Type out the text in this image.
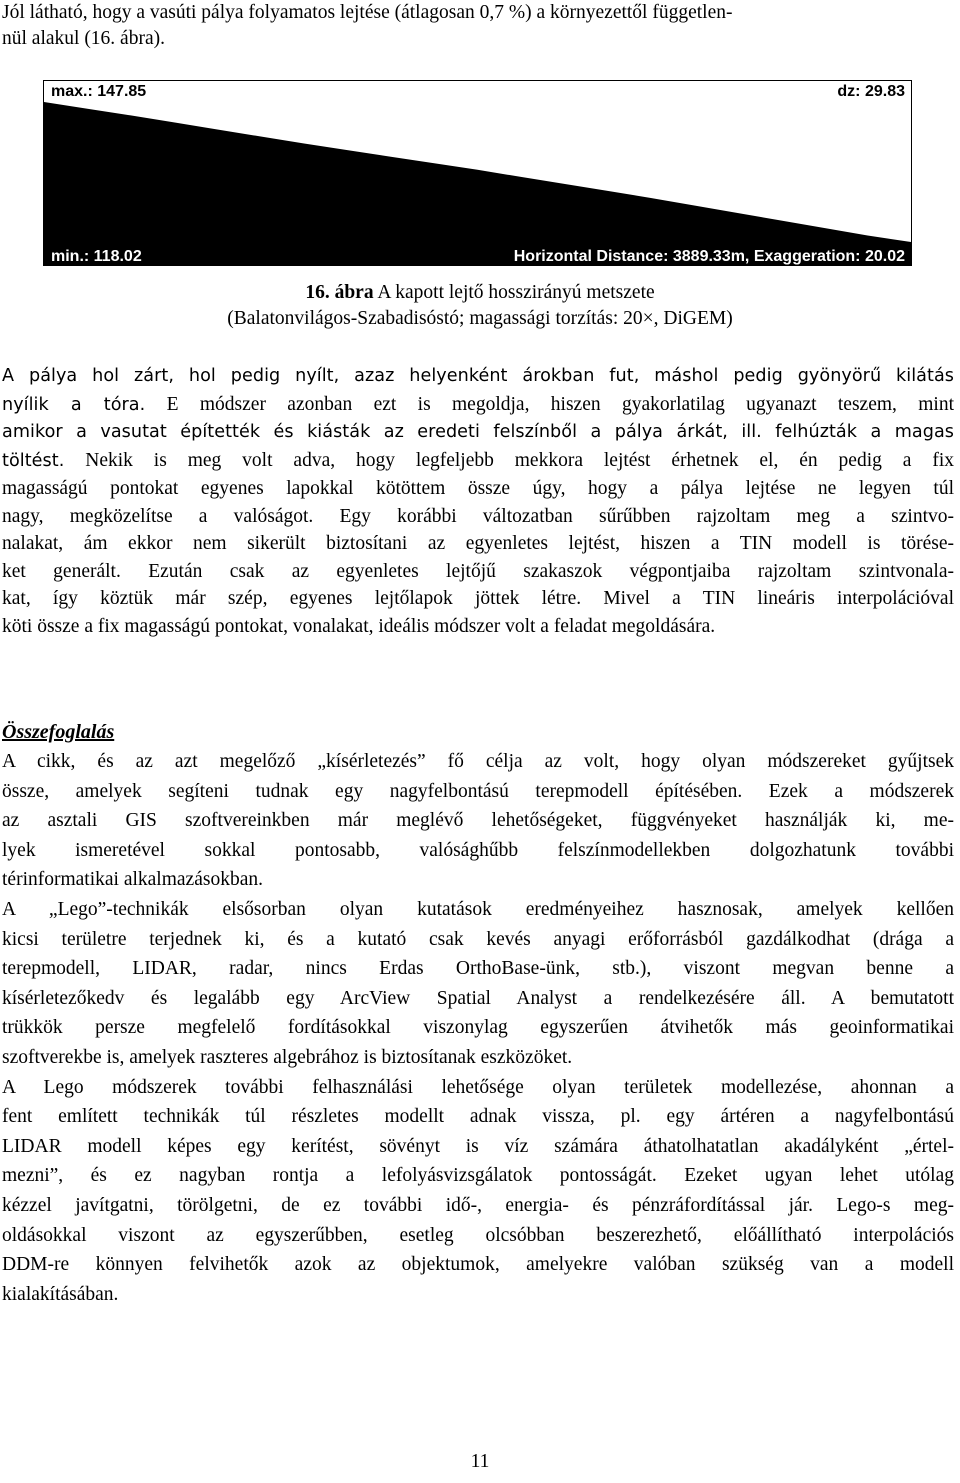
Jól látható, hogy a vasúti pálya folyamatos lejtése (átlagosan 0,7 %) a környezettől független-
nül alakul (16. ábra).

max.: 147.85	dz: 29.83
min.: 118.02	Horizontal Distance: 3889.33m, Exaggeration: 20.02
16. ábra A kapott lejtő hosszirányú metszete
(Balatonvilágos-Szabadisóstó; magassági torzítás: 20×, DiGEM)

A pálya hol zárt, hol pedig nyílt, azaz helyenként árokban fut, máshol pedig gyönyörű kilátás
nyílik a tóra. E módszer azonban ezt is megoldja, hiszen gyakorlatilag ugyanazt teszem, mint
amikor a vasutat építették és kiásták az eredeti felszínből a pálya árkát, ill. felhúzták a magas
töltést. Nekik is meg volt adva, hogy legfeljebb mekkora lejtést érhetnek el, én pedig a fix
magasságú pontokat egyenes lapokkal kötöttem össze úgy, hogy a pálya lejtése ne legyen túl
nagy, megközelítse a valóságot. Egy korábbi változatban sűrűbben rajzoltam meg a szintvo-
nalakat, ám ekkor nem sikerült biztosítani az egyenletes lejtést, hiszen a TIN modell is törése-
ket generált. Ezután csak az egyenletes lejtőjű szakaszok végpontjaiba rajzoltam szintvonala-
kat, így köztük már szép, egyenes lejtőlapok jöttek létre. Mivel a TIN lineáris interpolációval
köti össze a fix magasságú pontokat, vonalakat, ideális módszer volt a feladat megoldására.

Összefoglalás

A cikk, és az azt megelőző „kísérletezés” fő célja az volt, hogy olyan módszereket gyűjtsek
össze, amelyek segíteni tudnak egy nagyfelbontású terepmodell építésében. Ezek a módszerek
az asztali GIS szoftvereinkben már meglévő lehetőségeket, függvényeket használják ki, me-
lyek ismeretével sokkal pontosabb, valósághűbb felszínmodellekben dolgozhatunk további
térinformatikai alkalmazásokban.
A „Lego”-technikák elsősorban olyan kutatások eredményeihez hasznosak, amelyek kellően
kicsi területre terjednek ki, és a kutató csak kevés anyagi erőforrásból gazdálkodhat (drága a
terepmodell, LIDAR, radar, nincs Erdas OrthoBase-ünk, stb.), viszont megvan benne a
kísérletezőkedv és legalább egy ArcView Spatial Analyst a rendelkezésére áll. A bemutatott
trükkök persze megfelelő fordításokkal viszonylag egyszerűen átvihetők más geoinformatikai
szoftverekbe is, amelyek raszteres algebrához is biztosítanak eszközöket.
A Lego módszerek további felhasználási lehetősége olyan területek modellezése, ahonnan a
fent említett technikák túl részletes modellt adnak vissza, pl. egy ártéren a nagyfelbontású
LIDAR modell képes egy kerítést, sövényt is víz számára áthatolhatatlan akadályként „értel-
mezni”, és ez nagyban rontja a lefolyásvizsgálatok pontosságát. Ezeket ugyan lehet utólag
kézzel javítgatni, törölgetni, de ez további idő-, energia- és pénzráfordítással jár. Lego-s meg-
oldásokkal viszont az egyszerűbben, esetleg olcsóbban beszerezhető, előállítható interpolációs
DDM-re könnyen felvihetők azok az objektumok, amelyekre valóban szükség van a modell
kialakításában.

11
